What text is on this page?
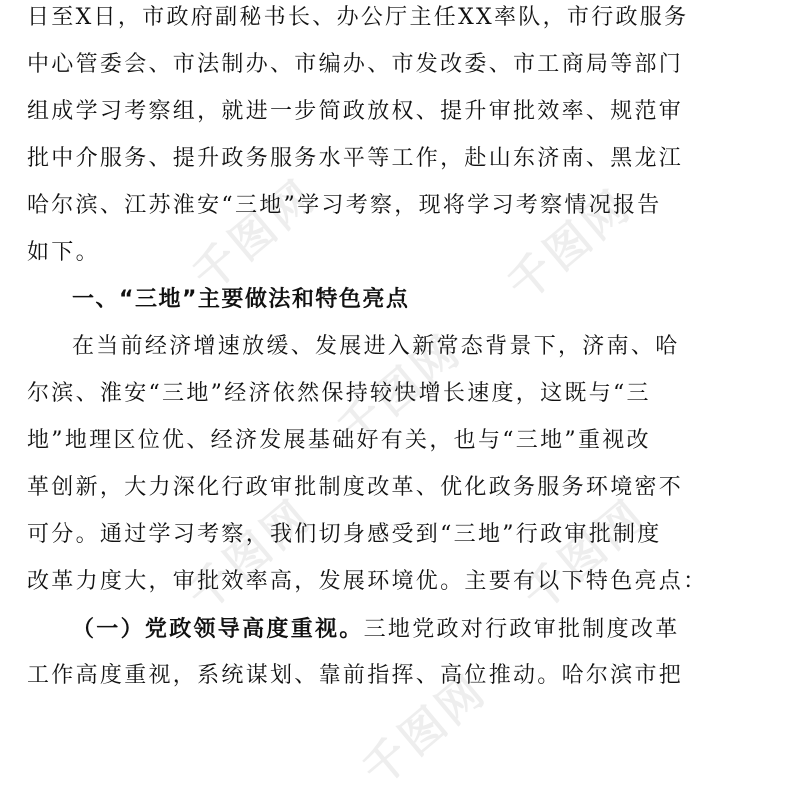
千图网	千图网
千图网
千图网	千图网
千图网
日至X日，市政府副秘书长、办公厅主任XX率队，市行政服务
中心管委会、市法制办、市编办、市发改委、市工商局等部门
组成学习考察组，就进一步简政放权、提升审批效率、规范审
批中介服务、提升政务服务水平等工作，赴山东济南、黑龙江
哈尔滨、江苏淮安“三地”学习考察，现将学习考察情况报告
如下。
一、“三地”主要做法和特色亮点
在当前经济增速放缓、发展进入新常态背景下，济南、哈
尔滨、淮安“三地”经济依然保持较快增长速度，这既与“三
地”地理区位优、经济发展基础好有关，也与“三地”重视改
革创新，大力深化行政审批制度改革、优化政务服务环境密不
可分。通过学习考察，我们切身感受到“三地”行政审批制度
改革力度大，审批效率高，发展环境优。主要有以下特色亮点：
（一）党政领导高度重视。三地党政对行政审批制度改革
工作高度重视，系统谋划、靠前指挥、高位推动。哈尔滨市把
